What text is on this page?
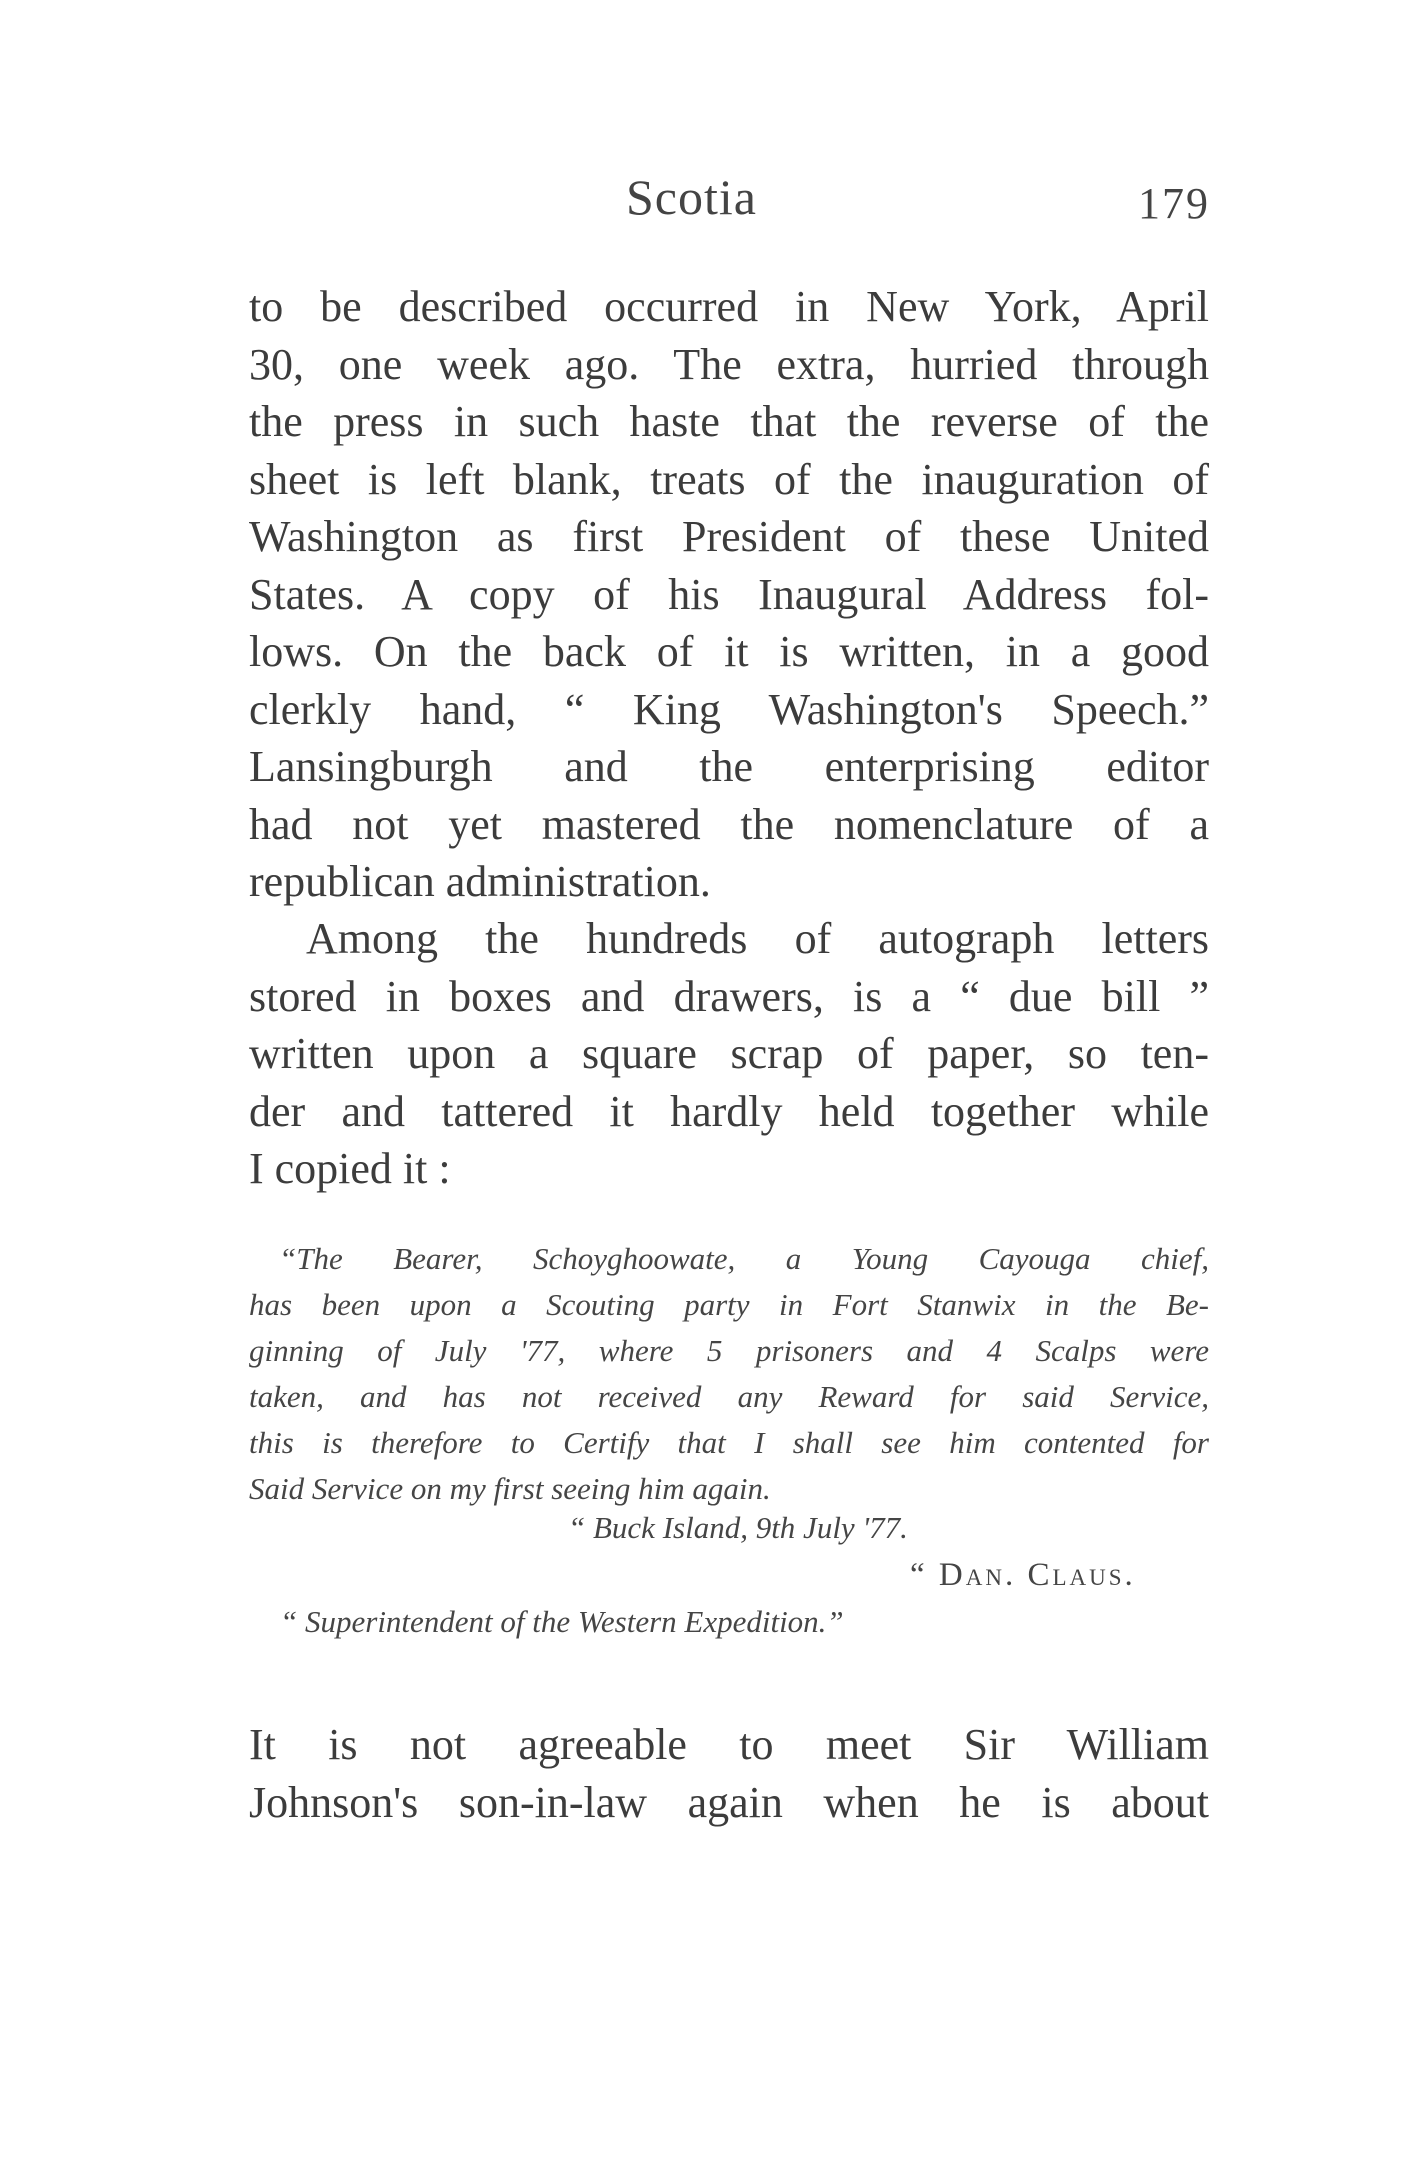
Scotia	179
to be described occurred in New York, April
30, one week ago. The extra, hurried through
the press in such haste that the reverse of the
sheet is left blank, treats of the inauguration of
Washington as first President of these United
States. A copy of his Inaugural Address fol-
lows. On the back of it is written, in a good
clerkly hand, “ King Washington's Speech.”
Lansingburgh and the enterprising editor
had not yet mastered the nomenclature of a
republican administration.
Among the hundreds of autograph letters
stored in boxes and drawers, is a “ due bill ”
written upon a square scrap of paper, so ten-
der and tattered it hardly held together while
I copied it :
“The Bearer, Schoyghoowate, a Young Cayouga chief,
has been upon a Scouting party in Fort Stanwix in the Be-
ginning of July '77, where 5 prisoners and 4 Scalps were
taken, and has not received any Reward for said Service,
this is therefore to Certify that I shall see him contented for
Said Service on my first seeing him again.
“ Buck Island, 9th July '77.
“ Dan. Claus.
“ Superintendent of the Western Expedition.”
It is not agreeable to meet Sir William
Johnson's son-in-law again when he is about
